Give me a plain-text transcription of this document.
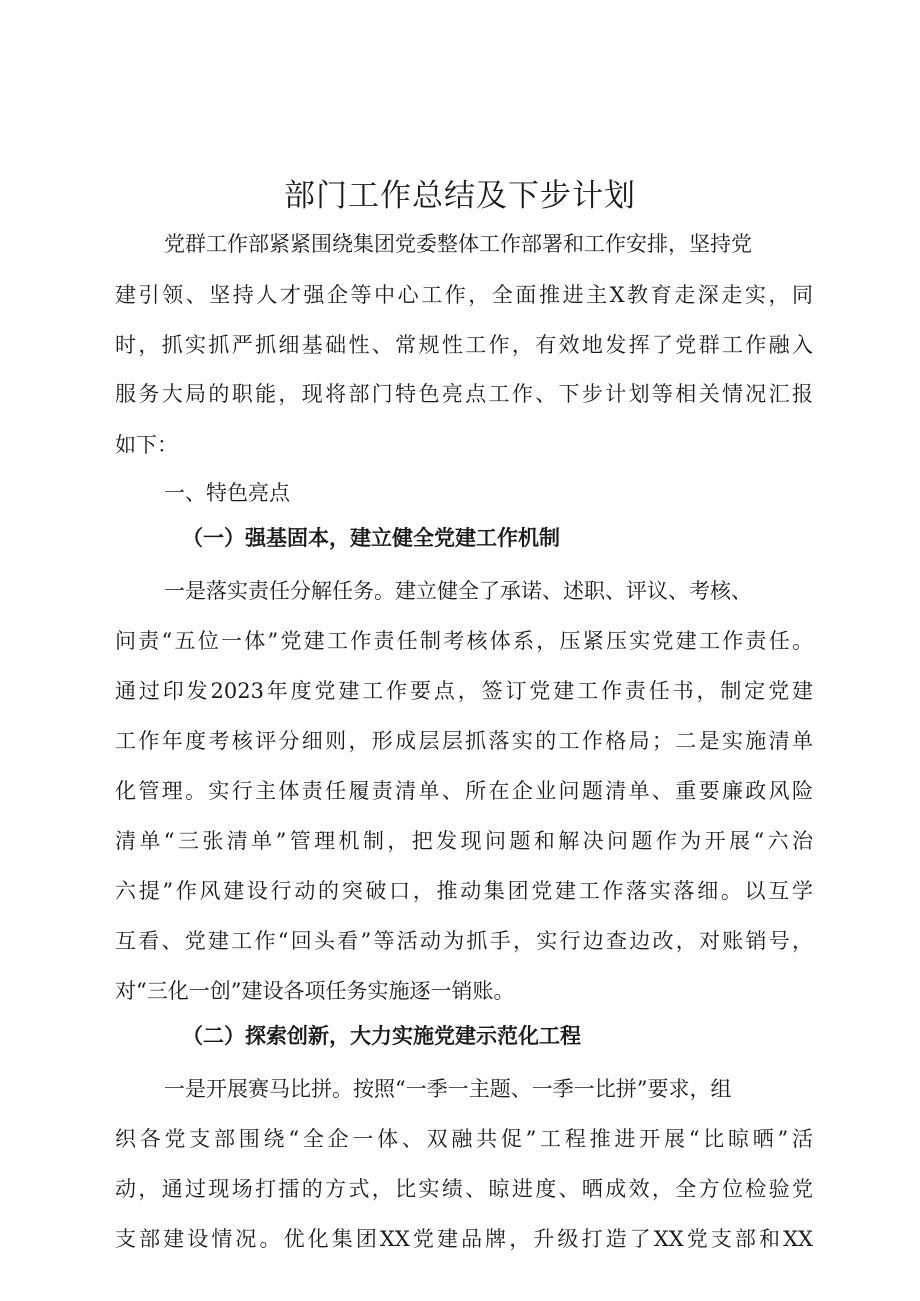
部门工作总结及下步计划
党群工作部紧紧围绕集团党委整体工作部署和工作安排，坚持党
建引领、坚持人才强企等中心工作，全面推进主X教育走深走实，同
时，抓实抓严抓细基础性、常规性工作，有效地发挥了党群工作融入
服务大局的职能，现将部门特色亮点工作、下步计划等相关情况汇报
如下：
一、特色亮点
（一）强基固本，建立健全党建工作机制
一是落实责任分解任务。建立健全了承诺、述职、评议、考核、
问责“五位一体”党建工作责任制考核体系，压紧压实党建工作责任。
通过印发2023年度党建工作要点，签订党建工作责任书，制定党建
工作年度考核评分细则，形成层层抓落实的工作格局；二是实施清单
化管理。实行主体责任履责清单、所在企业问题清单、重要廉政风险
清单“三张清单”管理机制，把发现问题和解决问题作为开展“六治
六提”作风建设行动的突破口，推动集团党建工作落实落细。以互学
互看、党建工作“回头看”等活动为抓手，实行边查边改，对账销号，
对“三化一创”建设各项任务实施逐一销账。
（二）探索创新，大力实施党建示范化工程
一是开展赛马比拼。按照“一季一主题、一季一比拼”要求，组
织各党支部围绕“全企一体、双融共促”工程推进开展“比晾晒”活
动，通过现场打擂的方式，比实绩、晾进度、晒成效，全方位检验党
支部建设情况。优化集团XX党建品牌，升级打造了XX党支部和XX
